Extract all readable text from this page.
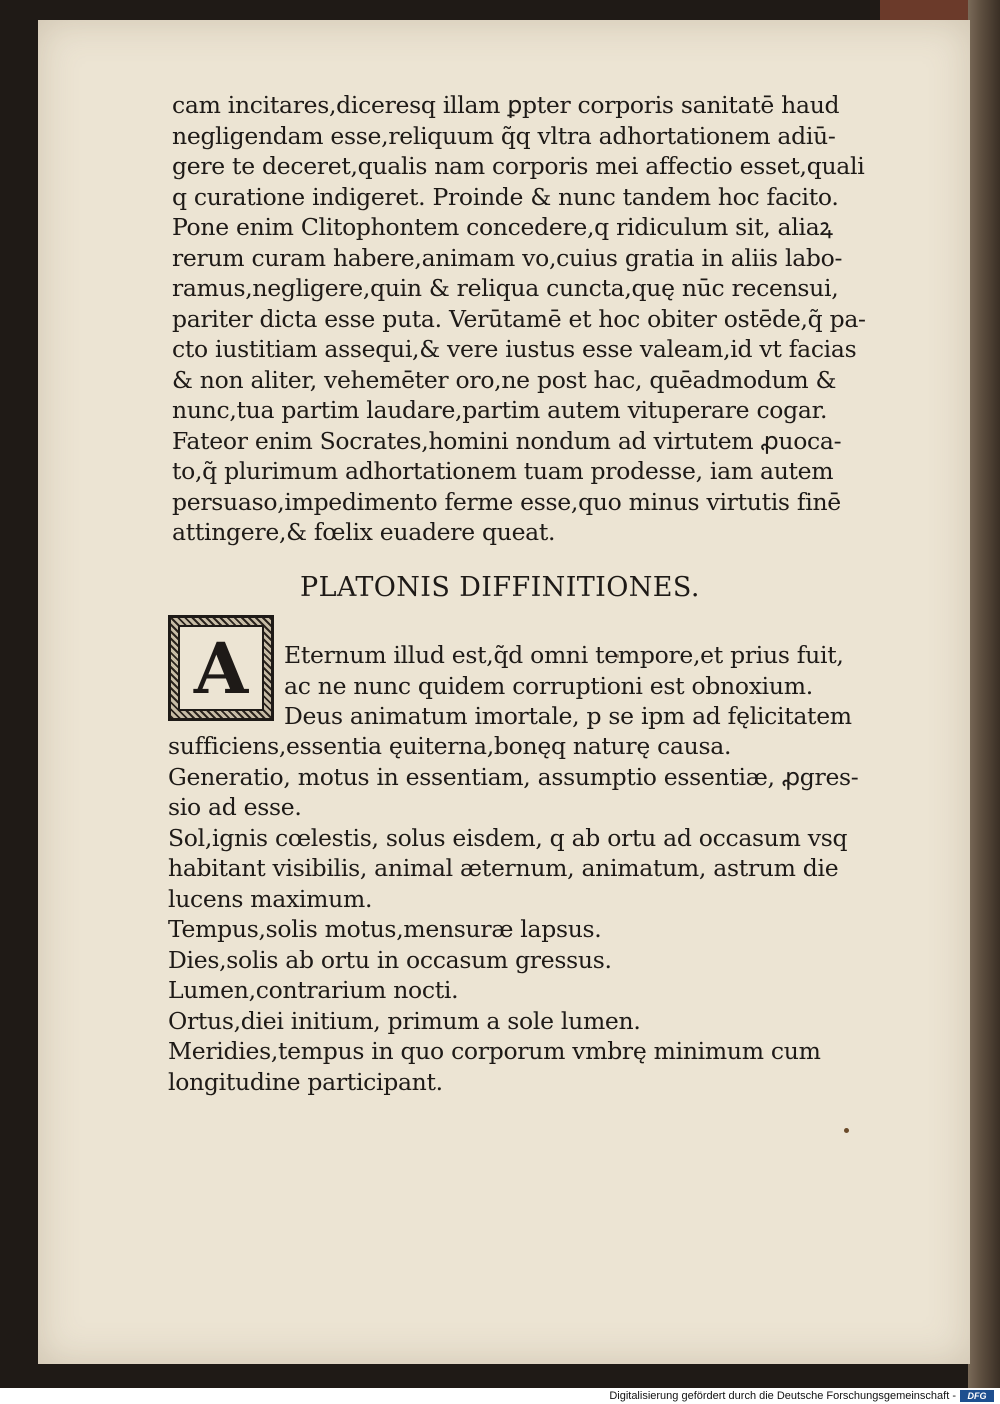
cam incitares,diceresq illam ꝑpter corporis sanitatē haud
negligendam esse,reliquum q̃q vltra adhortationem adiū-
gere te deceret,qualis nam corporis mei affectio esset,quali
q curatione indigeret. Proinde & nunc tandem hoc facito.
Pone enim Clitophontem concedere,q ridiculum sit, aliaꝝ
rerum curam habere,animam vo,cuius gratia in aliis labo-
ramus,negligere,quin & reliqua cuncta,quę nūc recensui,
pariter dicta esse puta. Verūtamē et hoc obiter ostēde,q̃ pa-
cto iustitiam assequi,& vere iustus esse valeam,id vt facias
& non aliter, vehemēter oro,ne post hac, quēadmodum &
nunc,tua partim laudare,partim autem vituperare cogar.
Fateor enim Socrates,homini nondum ad virtutem ꝓuoca-
to,q̃ plurimum adhortationem tuam prodesse, iam autem
persuaso,impedimento ferme esse,quo minus virtutis finē
attingere,& fœlix euadere queat.
PLATONIS DIFFINITIONES.
A	Eternum illud est,q̃d omni tempore,et prius fuit,
ac ne nunc quidem corruptioni est obnoxium.
Deus animatum imortale, p se ipm ad fęlicitatem
sufficiens,essentia ęuiterna,bonęq naturę causa.
Generatio, motus in essentiam, assumptio essentiæ, ꝓgres-
sio ad esse.
Sol,ignis cœlestis, solus eisdem, q ab ortu ad occasum vsq
habitant visibilis, animal æternum, animatum, astrum die
lucens maximum.
Tempus,solis motus,mensuræ lapsus.
Dies,solis ab ortu in occasum gressus.
Lumen,contrarium nocti.
Ortus,diei initium, primum a sole lumen.
Meridies,tempus in quo corporum vmbrę minimum cum
longitudine participant.
Digitalisierung gefördert durch die Deutsche Forschungsgemeinschaft -	DFG
